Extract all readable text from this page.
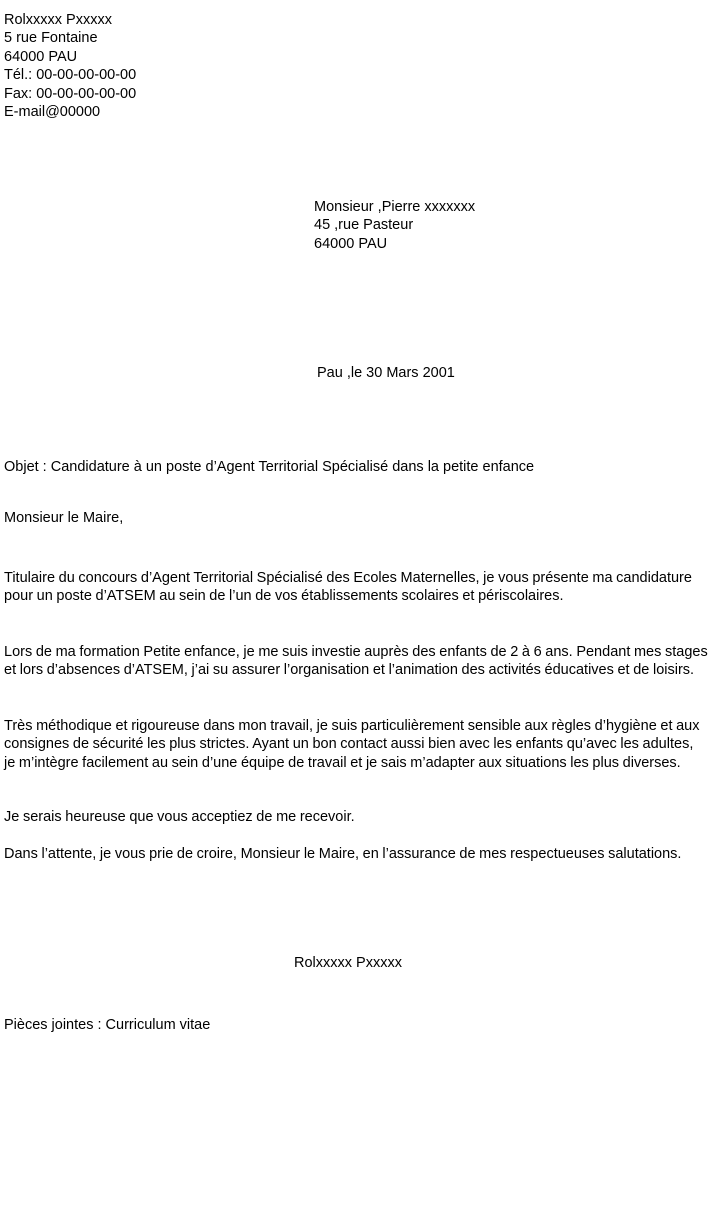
Rolxxxxx Pxxxxx
5 rue Fontaine
64000 PAU
Tél.: 00-00-00-00-00
Fax: 00-00-00-00-00
E-mail@00000
Monsieur ,Pierre xxxxxxx
45 ,rue Pasteur
64000 PAU
Pau ,le 30 Mars 2001
Objet : Candidature à un poste d’Agent Territorial Spécialisé dans la petite enfance
Monsieur le Maire,
Titulaire du concours d’Agent Territorial Spécialisé des Ecoles Maternelles, je vous présente ma candidature pour un poste d’ATSEM au sein de l’un de vos établissements scolaires et périscolaires.
Lors de ma formation Petite enfance, je me suis investie auprès des enfants de 2 à 6 ans. Pendant mes stages et lors d’absences d’ATSEM, j’ai su assurer l’organisation et l’animation des activités éducatives et de loisirs.
Très méthodique et rigoureuse dans mon travail, je suis particulièrement sensible aux règles d’hygiène et aux consignes de sécurité les plus strictes. Ayant un bon contact aussi bien avec les enfants qu’avec les adultes, je m’intègre facilement au sein d’une équipe de travail et je sais m’adapter aux situations les plus diverses.
Je serais heureuse que vous acceptiez de me recevoir.
Dans l’attente, je vous prie de croire, Monsieur le Maire, en l’assurance de mes respectueuses salutations.
Rolxxxxx Pxxxxx
Pièces jointes : Curriculum vitae
